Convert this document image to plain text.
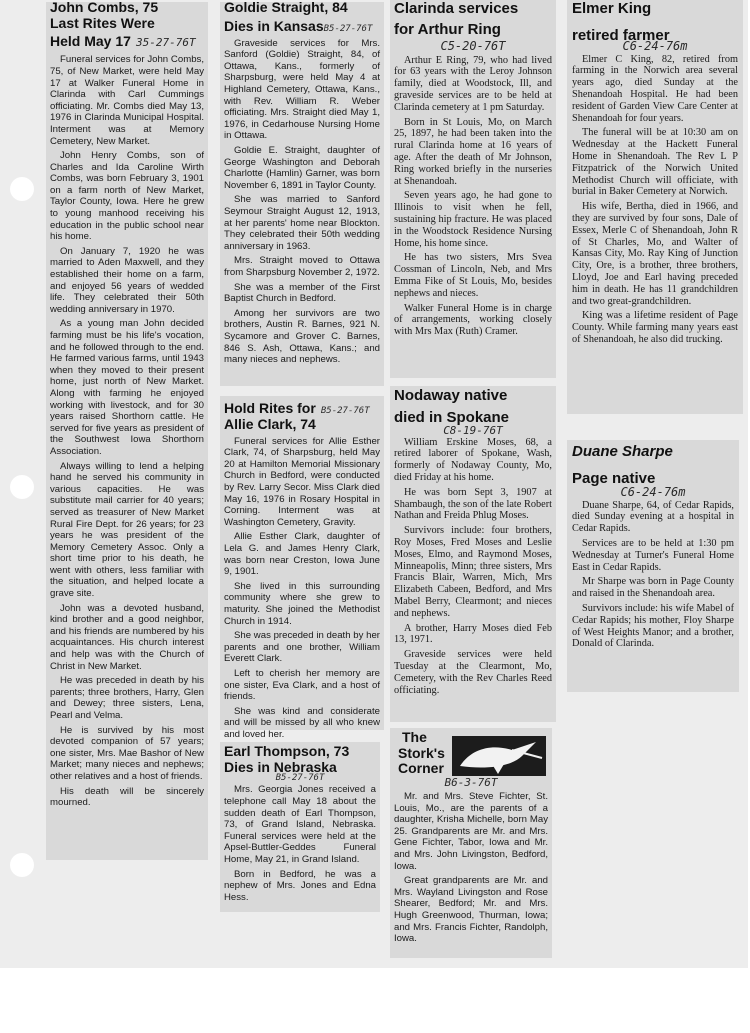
John Combs, 75
Last Rites Were
Held May 17 35-27-76T

Funeral services for John Combs, 75, of New Market, were held May 17 at Walker Funeral Home in Clarinda with Carl Cummings officiating. Mr. Combs died May 13, 1976 in Clarinda Municipal Hospital. Interment was at Memory Cemetery, New Market.

John Henry Combs, son of Charles and Ida Caroline Wirth Combs, was born February 3, 1901 on a farm north of New Market, Taylor County, Iowa. Here he grew to young manhood receiving his education in the public school near his home.

On January 7, 1920 he was married to Aden Maxwell, and they established their home on a farm, and enjoyed 56 years of wedded life. They celebrated their 50th wedding anniversary in 1970.

As a young man John decided farming must be his life's vocation, and he followed through to the end. He farmed various farms, until 1943 when they moved to their present home, just north of New Market. Along with farming he enjoyed working with livestock, and for 30 years raised Shorthorn cattle. He served for five years as president of the Southwest Iowa Shorthorn Association.

Always willing to lend a helping hand he served his community in various capacities. He was substitute mail carrier for 40 years; served as treasurer of New Market Rural Fire Dept. for 26 years; for 23 years he was president of the Memory Cemetery Assoc. Only a short time prior to his death, he went with others, less familiar with the situation, and helped locate a grave site.

John was a devoted husband, kind brother and a good neighbor, and his friends are numbered by his acquaintances. His church interest and help was with the Church of Christ in New Market.

He was preceded in death by his parents; three brothers, Harry, Glen and Dewey; three sisters, Lena, Pearl and Velma.

He is survived by his most devoted companion of 57 years; one sister, Mrs. Mae Bashor of New Market; many nieces and nephews; other relatives and a host of friends.

His death will be sincerely mourned.

Goldie Straight, 84
Dies in KansasB5-27-76T

Graveside services for Mrs. Sanford (Goldie) Straight, 84, of Ottawa, Kans., formerly of Sharpsburg, were held May 4 at Highland Cemetery, Ottawa, Kans., with Rev. William R. Weber officiating. Mrs. Straight died May 1, 1976, in Cedarhouse Nursing Home in Ottawa.

Goldie E. Straight, daughter of George Washington and Deborah Charlotte (Hamlin) Garner, was born November 6, 1891 in Taylor County.

She was married to Sanford Seymour Straight August 12, 1913, at her parents' home near Blockton. They celebrated their 50th wedding anniversary in 1963.

Mrs. Straight moved to Ottawa from Sharpsburg November 2, 1972.

She was a member of the First Baptist Church in Bedford.

Among her survivors are two brothers, Austin R. Barnes, 921 N. Sycamore and Grover C. Barnes, 846 S. Ash, Ottawa, Kans.; and many nieces and nephews.

Hold Rites for B5-27-76T
Allie Clark, 74

Funeral services for Allie Esther Clark, 74, of Sharpsburg, held May 20 at Hamilton Memorial Missionary Church in Bedford, were conducted by Rev. Larry Secor. Miss Clark died May 16, 1976 in Rosary Hospital in Corning. Interment was at Washington Cemetery, Gravity.

Allie Esther Clark, daughter of Lela G. and James Henry Clark, was born near Creston, Iowa June 9, 1901.

She lived in this surrounding community where she grew to maturity. She joined the Methodist Church in 1914.

She was preceded in death by her parents and one brother, William Everett Clark.

Left to cherish her memory are one sister, Eva Clark, and a host of friends.

She was kind and considerate and will be missed by all who knew and loved her.

Earl Thompson, 73
Dies in Nebraska
B5-27-76T

Mrs. Georgia Jones received a telephone call May 18 about the sudden death of Earl Thompson, 73, of Grand Island, Nebraska. Funeral services were held at the Apsel-Buttler-Geddes Funeral Home, May 21, in Grand Island.

Born in Bedford, he was a nephew of Mrs. Jones and Edna Hess.

Clarinda services
for Arthur Ring
C5-20-76T

Arthur E Ring, 79, who had lived for 63 years with the Leroy Johnson family, died at Woodstock, Ill, and graveside services are to be held at Clarinda cemetery at 1 pm Saturday.

Born in St Louis, Mo, on March 25, 1897, he had been taken into the rural Clarinda home at 16 years of age. After the death of Mr Johnson, Ring worked briefly in the nurseries at Shenandoah.

Seven years ago, he had gone to Illinois to visit when he fell, sustaining hip fracture. He was placed in the Woodstock Residence Nursing Home, his home since.

He has two sisters, Mrs Svea Cossman of Lincoln, Neb, and Mrs Emma Fike of St Louis, Mo, besides nephews and nieces.

Walker Funeral Home is in charge of arrangements, working closely with Mrs Max (Ruth) Cramer.

Nodaway native
died in Spokane
C8-19-76T

William Erskine Moses, 68, a retired laborer of Spokane, Wash, formerly of Nodaway County, Mo, died Friday at his home.

He was born Sept 3, 1907 at Shambaugh, the son of the late Robert Nathan and Freida Phlug Moses.

Survivors include: four brothers, Roy Moses, Fred Moses and Leslie Moses, Elmo, and Raymond Moses, Minneapolis, Minn; three sisters, Mrs Francis Blair, Warren, Mich, Mrs Elizabeth Cabeen, Bedford, and Mrs Mabel Berry, Clearmont; and nieces and nephews.

A brother, Harry Moses died Feb 13, 1971.

Graveside services were held Tuesday at the Clearmont, Mo, Cemetery, with the Rev Charles Reed officiating.

The
Stork's
Corner
B6-3-76T

Mr. and Mrs. Steve Fichter, St. Louis, Mo., are the parents of a daughter, Krisha Michelle, born May 25. Grandparents are Mr. and Mrs. Gene Fichter, Tabor, Iowa and Mr. and Mrs. John Livingston, Bedford, Iowa.

Great grandparents are Mr. and Mrs. Wayland Livingston and Rose Shearer, Bedford; Mr. and Mrs. Hugh Greenwood, Thurman, Iowa; and Mrs. Francis Fichter, Randolph, Iowa.

Elmer King
retired farmer
C6-24-76m

Elmer C King, 82, retired from farming in the Norwich area several years ago, died Sunday at the Shenandoah Hospital. He had been resident of Garden View Care Center at Shenandoah for four years.

The funeral will be at 10:30 am on Wednesday at the Hackett Funeral Home in Shenandoah. The Rev L P Fitzpatrick of the Norwich United Methodist Church will officiate, with burial in Baker Cemetery at Norwich.

His wife, Bertha, died in 1966, and they are survived by four sons, Dale of Essex, Merle C of Shenandoah, John R of St Charles, Mo, and Walter of Kansas City, Mo. Ray King of Junction City, Ore, is a brother, three brothers, Lloyd, Joe and Earl having preceded him in death. He has 11 grandchildren and two great-grandchildren.

King was a lifetime resident of Page County. While farming many years east of Shenandoah, he also did trucking.

Duane Sharpe
Page native
C6-24-76m

Duane Sharpe, 64, of Cedar Rapids, died Sunday evening at a hospital in Cedar Rapids.

Services are to be held at 1:30 pm Wednesday at Turner's Funeral Home East in Cedar Rapids.

Mr Sharpe was born in Page County and raised in the Shenandoah area.

Survivors include: his wife Mabel of Cedar Rapids; his mother, Floy Sharpe of West Heights Manor; and a brother, Donald of Clarinda.
